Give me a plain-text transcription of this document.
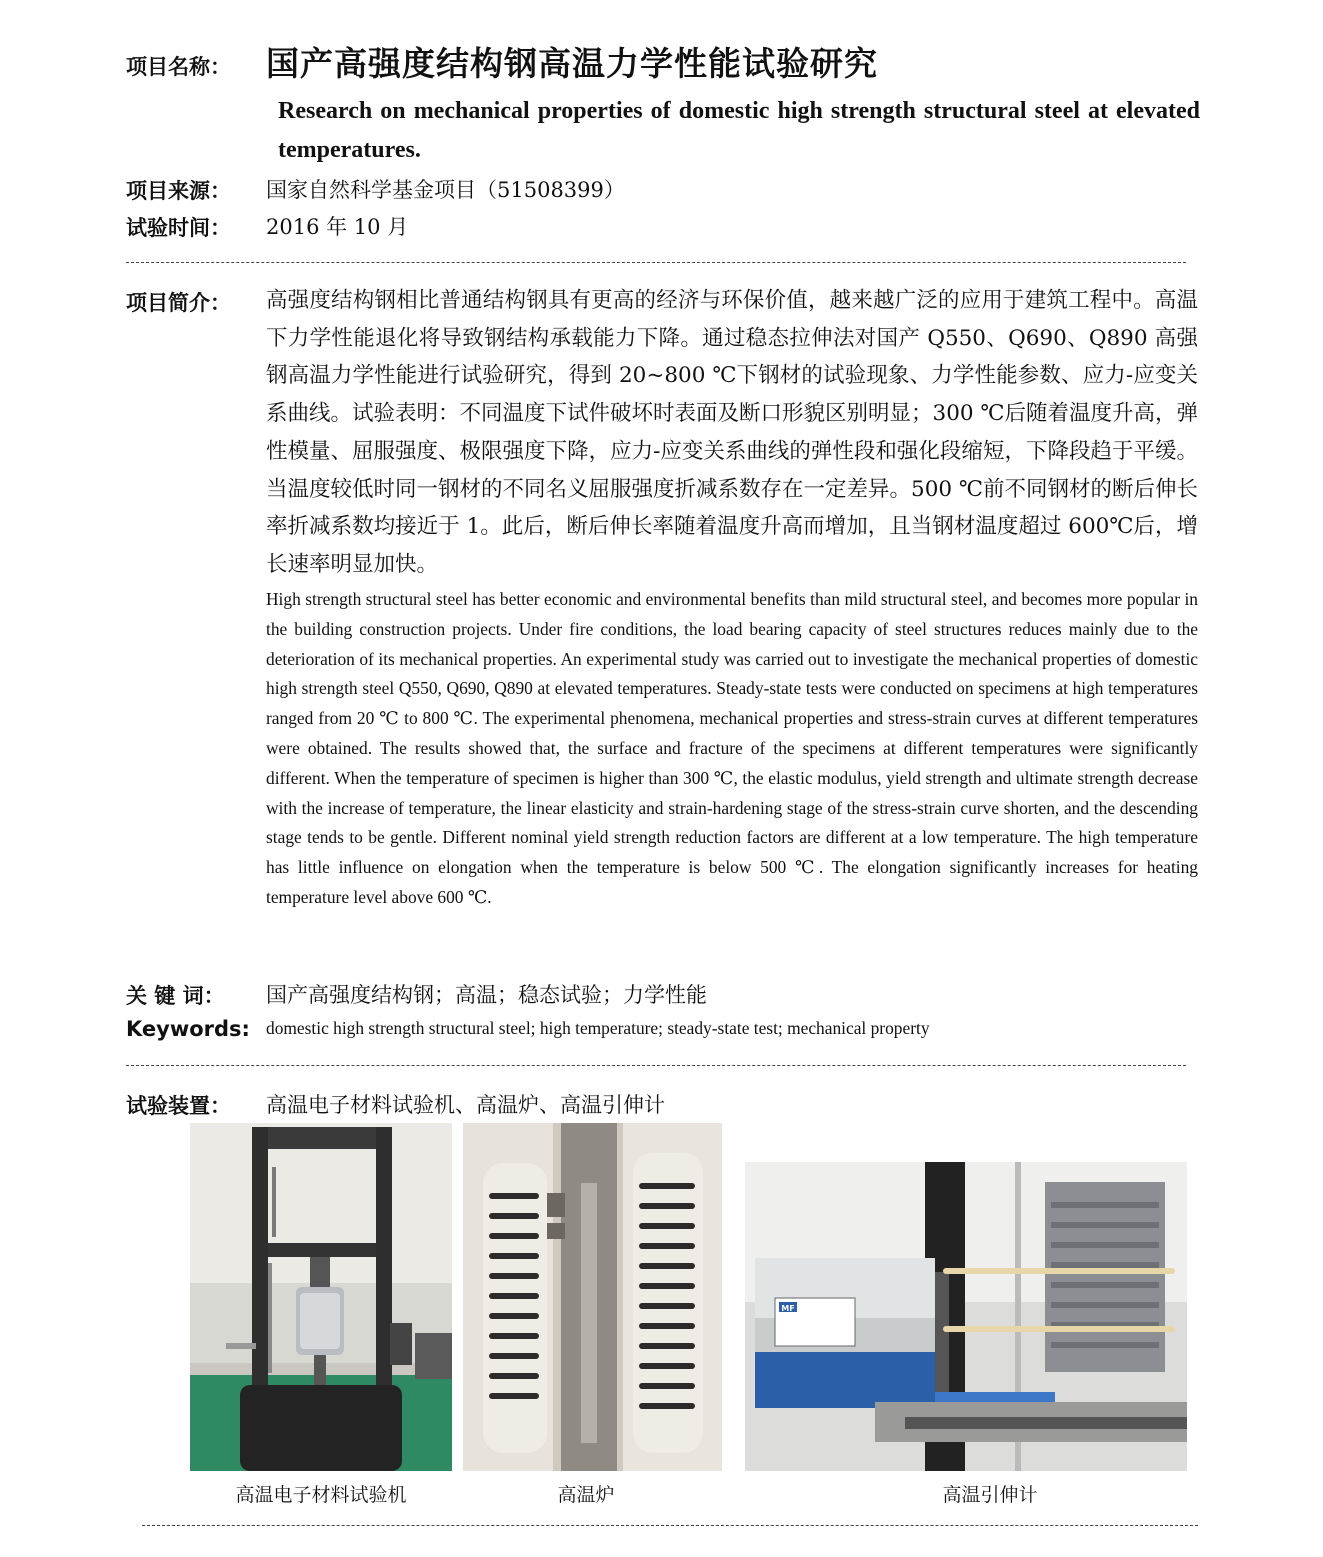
项目名称： 国产高强度结构钢高温力学性能试验研究
Research on mechanical properties of domestic high strength structural steel at elevated temperatures.
项目来源： 国家自然科学基金项目（51508399）
试验时间： 2016 年 10 月
项目简介： 高强度结构钢相比普通结构钢具有更高的经济与环保价值，越来越广泛的应用于建筑工程中。高温下力学性能退化将导致钢结构承载能力下降。通过稳态拉伸法对国产 Q550、Q690、Q890 高强钢高温力学性能进行试验研究，得到 20~800 ℃下钢材的试验现象、力学性能参数、应力-应变关系曲线。试验表明：不同温度下试件破坏时表面及断口形貌区别明显；300 ℃后随着温度升高，弹性模量、屈服强度、极限强度下降，应力-应变关系曲线的弹性段和强化段缩短，下降段趋于平缓。当温度较低时同一钢材的不同名义屈服强度折减系数存在一定差异。500 ℃前不同钢材的断后伸长率折减系数均接近于 1。此后，断后伸长率随着温度升高而增加，且当钢材温度超过 600℃后，增长速率明显加快。
High strength structural steel has better economic and environmental benefits than mild structural steel, and becomes more popular in the building construction projects. Under fire conditions, the load bearing capacity of steel structures reduces mainly due to the deterioration of its mechanical properties. An experimental study was carried out to investigate the mechanical properties of domestic high strength steel Q550, Q690, Q890 at elevated temperatures. Steady-state tests were conducted on specimens at high temperatures ranged from 20 ℃ to 800 ℃. The experimental phenomena, mechanical properties and stress-strain curves at different temperatures were obtained. The results showed that, the surface and fracture of the specimens at different temperatures were significantly different. When the temperature of specimen is higher than 300 ℃, the elastic modulus, yield strength and ultimate strength decrease with the increase of temperature, the linear elasticity and strain-hardening stage of the stress-strain curve shorten, and the descending stage tends to be gentle. Different nominal yield strength reduction factors are different at a low temperature. The high temperature has little influence on elongation when the temperature is below 500 ℃. The elongation significantly increases for heating temperature level above 600 ℃.
关 键 词： 国产高强度结构钢；高温；稳态试验；力学性能
Keywords: domestic high strength structural steel; high temperature; steady-state test; mechanical property
试验装置： 高温电子材料试验机、高温炉、高温引伸计
MF
高温电子材料试验机	高温炉	高温引伸计
